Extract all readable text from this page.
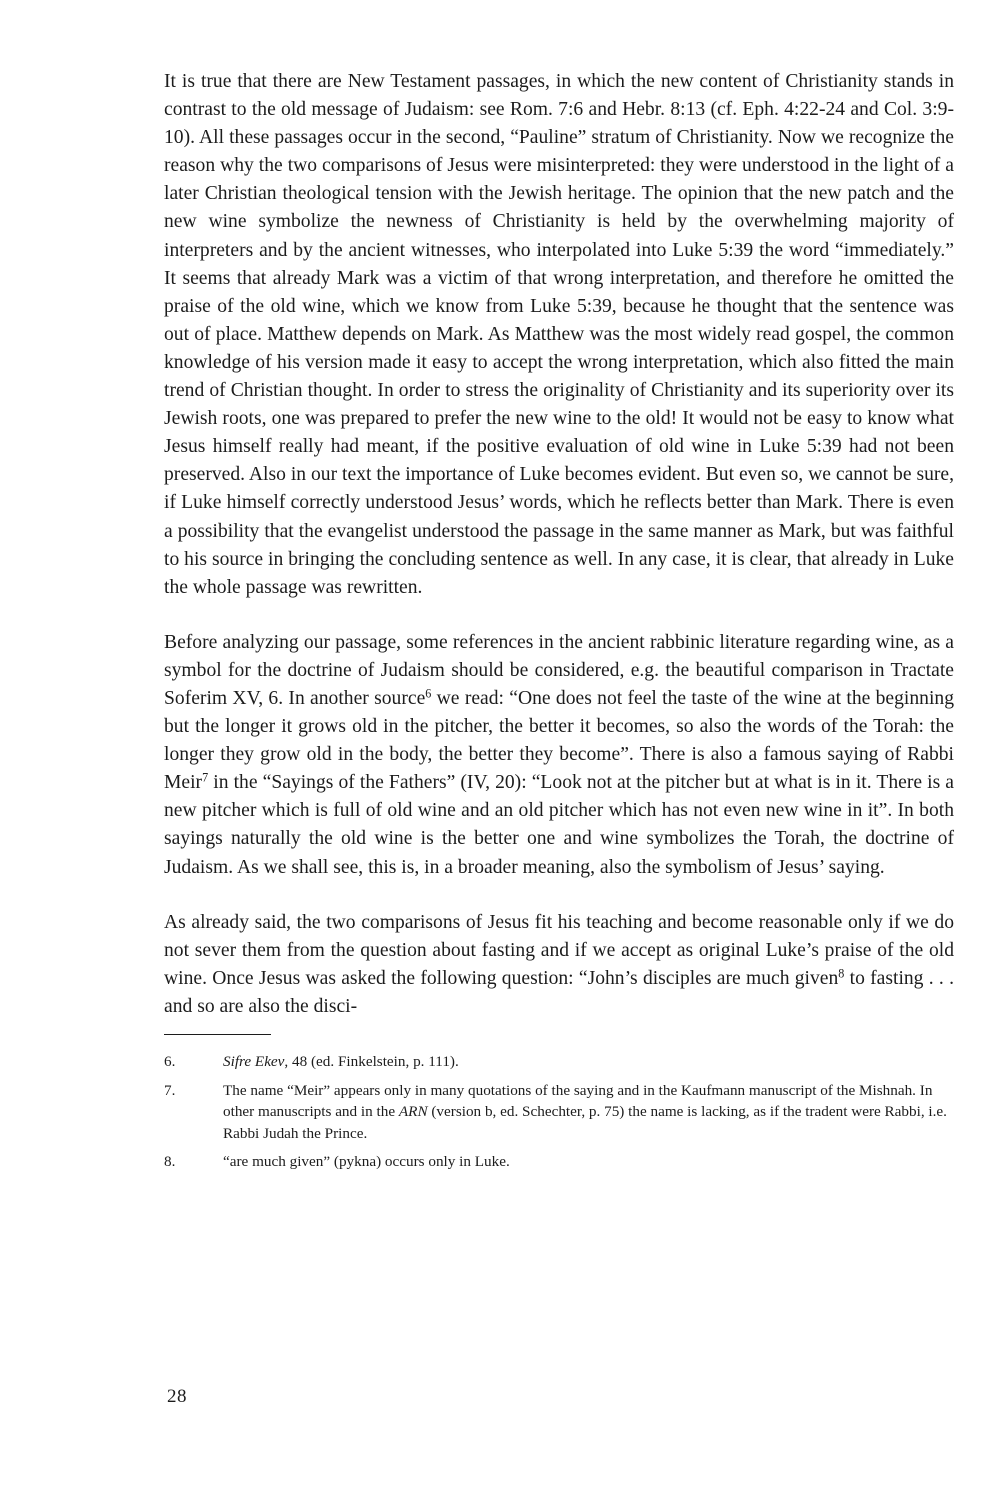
It is true that there are New Testament passages, in which the new content of Christianity stands in contrast to the old message of Judaism: see Rom. 7:6 and Hebr. 8:13 (cf. Eph. 4:22-24 and Col. 3:9-10). All these passages occur in the second, “Pauline” stratum of Christianity. Now we recognize the reason why the two comparisons of Jesus were misinterpreted: they were understood in the light of a later Christian theological tension with the Jewish heritage. The opinion that the new patch and the new wine symbolize the newness of Christianity is held by the overwhelming majority of interpreters and by the ancient witnesses, who interpolated into Luke 5:39 the word “immediately.” It seems that already Mark was a victim of that wrong interpretation, and therefore he omitted the praise of the old wine, which we know from Luke 5:39, because he thought that the sentence was out of place. Matthew depends on Mark. As Matthew was the most widely read gospel, the common knowledge of his version made it easy to accept the wrong interpretation, which also fitted the main trend of Christian thought. In order to stress the originality of Christianity and its superiority over its Jewish roots, one was prepared to prefer the new wine to the old! It would not be easy to know what Jesus himself really had meant, if the positive evaluation of old wine in Luke 5:39 had not been preserved. Also in our text the importance of Luke becomes evident. But even so, we cannot be sure, if Luke himself correctly understood Jesus’ words, which he reflects better than Mark. There is even a possibility that the evangelist understood the passage in the same manner as Mark, but was faithful to his source in bringing the concluding sentence as well. In any case, it is clear, that already in Luke the whole passage was rewritten.

Before analyzing our passage, some references in the ancient rabbinic literature regarding wine, as a symbol for the doctrine of Judaism should be considered, e.g. the beautiful comparison in Tractate Soferim XV, 6. In another source$^6$ we read: “One does not feel the taste of the wine at the beginning but the longer it grows old in the pitcher, the better it becomes, so also the words of the Torah: the longer they grow old in the body, the better they become”. There is also a famous saying of Rabbi Meir$^7$ in the “Sayings of the Fathers” (IV, 20): “Look not at the pitcher but at what is in it. There is a new pitcher which is full of old wine and an old pitcher which has not even new wine in it”. In both sayings naturally the old wine is the better one and wine symbolizes the Torah, the doctrine of Judaism. As we shall see, this is, in a broader meaning, also the symbolism of Jesus’ saying.

As already said, the two comparisons of Jesus fit his teaching and become reasonable only if we do not sever them from the question about fasting and if we accept as original Luke’s praise of the old wine. Once Jesus was asked the following question: “John’s disciples are much given$^8$ to fasting . . . and so are also the disci-

6.	Sifre Ekev, 48 (ed. Finkelstein, p. 111).
7.	The name “Meir” appears only in many quotations of the saying and in the Kaufmann manuscript of the Mishnah. In other manuscripts and in the ARN (version b, ed. Schechter, p. 75) the name is lacking, as if the tradent were Rabbi, i.e. Rabbi Judah the Prince.
8.	“are much given” (pykna) occurs only in Luke.
28
